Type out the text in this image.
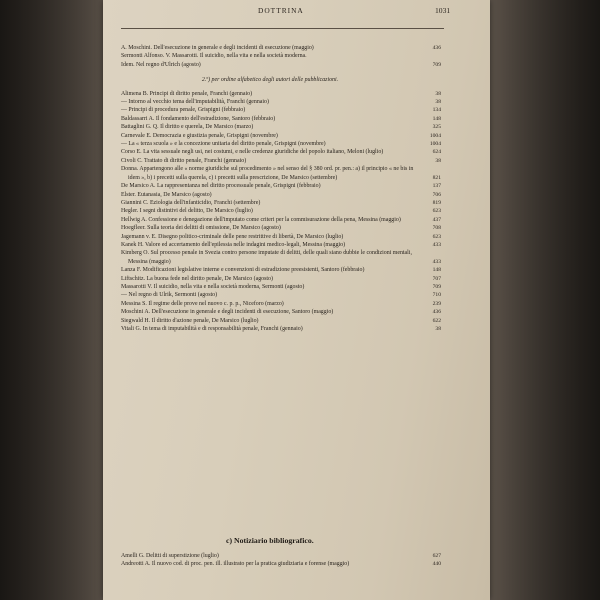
DOTTRINA	1031
A. Moschini. Dell'esecuzione in generale e degli incidenti di esecuzione (maggio)	436
Sermonti Alfonso. V. Massarotti. Il suicidio, nella vita e nella società moderna.
Idem. Nel regno d'Ulrich (agosto)	709
2.º) per ordine alfabetico degli autori delle pubblicazioni.
Alimena B. Principi di diritto penale, Franchi (gennaio)	38
— Intorno al vecchio tema dell'imputabilità, Franchi (gennaio)	38
— Principi di procedura penale, Grispigni (febbraio)	134
Baldassarri A. Il fondamento dell'estradizione, Santoro (febbraio)	148
Battaglini G. Q. Il diritto e querela, De Marsico (marzo)	325
Carnevale E. Democrazia e giustizia penale, Grispigni (novembre)	1004
— La « terza scuola » e la concezione unitaria del diritto penale, Grispigni (novembre)	1004
Corso E. La vita sessuale negli usi, nei costumi, e nelle credenze giuridiche del popolo italiano, Meloni (luglio)	624
Civoli C. Trattato di diritto penale, Franchi (gennaio)	38
Donna. Appartengono alle « norme giuridiche sul procedimento » nel senso del § 380 ord. pr. pen.: a) il principio « ne bis in idem », b) i precetti sulla querela, c) i precetti sulla prescrizione, De Marsico (settembre)	821
De Marsico A. La rappresentanza nel diritto processuale penale, Grispigni (febbraio)	137
Elster. Eutanasia, De Marsico (agosto)	706
Giannini C. Eziologia dell'infanticidio, Franchi (settembre)	819
Hegler. I segni distintivi del delitto, De Marsico (luglio)	623
Hellwig A. Confessione e denegazione dell'imputato come criteri per la commisurazione della pena, Messina (maggio)	437
Hoegfleer. Sulla teoria dei delitti di omissione, De Marsico (agosto)	708
Jagemann v. E. Disegno politico-criminale delle pene restrittive di libertà, De Marsico (luglio)	623
Kanek H. Valore ed accertamento dell'epilessia nelle indagini medico-legali, Messina (maggio)	433
Kimberg O. Sul processo penale in Svezia contro persone imputate di delitti, delle quali siano dubbie le condizioni mentali, Messina (maggio)	433
Lanza F. Modificazioni legislative interne e convenzioni di estradizione preesistenti, Santoro (febbraio)	148
Liftschitz. La buona fede nel diritto penale, De Marsico (agosto)	707
Massarotti V. Il suicidio, nella vita e nella società moderna, Sermonti (agosto)	709
— Nel regno di Ulrik, Sermonti (agosto)	710
Messina S. Il regime delle prove nel nuovo c. p. p., Niceforo (marzo)	239
Moschini A. Dell'esecuzione in generale e degli incidenti di esecuzione, Santoro (maggio)	436
Siegwald H. Il diritto d'azione penale, De Marsico (luglio)	622
Vitali G. In tema di imputabilità e di responsabilità penale, Franchi (gennaio)	38
c) Notiziario bibliografico.
Amelli G. Delitti di superstizione (luglio)	627
Andreotti A. Il nuovo cod. di proc. pen. ill. illustrato per la pratica giudiziaria e forense (maggio)	440
